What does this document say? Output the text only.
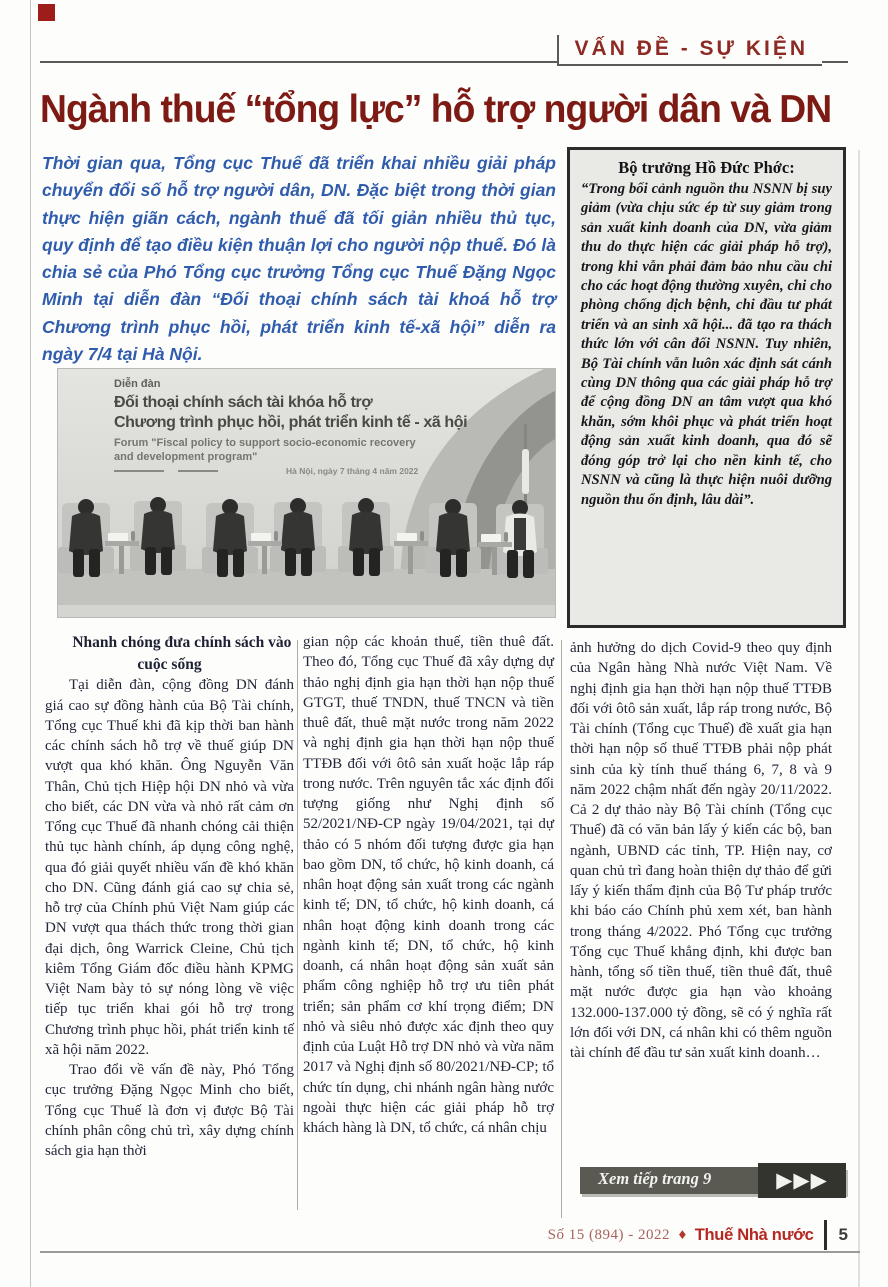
VẤN ĐỀ - SỰ KIỆN
Ngành thuế “tổng lực” hỗ trợ người dân và DN
Thời gian qua, Tổng cục Thuế đã triển khai nhiều giải pháp chuyển đổi số hỗ trợ người dân, DN. Đặc biệt trong thời gian thực hiện giãn cách, ngành thuế đã tối giản nhiều thủ tục, quy định để tạo điều kiện thuận lợi cho người nộp thuế. Đó là chia sẻ của Phó Tổng cục trưởng Tổng cục Thuế Đặng Ngọc Minh tại diễn đàn “Đối thoại chính sách tài khoá hỗ trợ Chương trình phục hồi, phát triển kinh tế-xã hội” diễn ra ngày 7/4 tại Hà Nội.
Bộ trưởng Hồ Đức Phớc:
“Trong bối cảnh nguồn thu NSNN bị suy giảm (vừa chịu sức ép từ suy giảm trong sản xuất kinh doanh của DN, vừa giảm thu do thực hiện các giải pháp hỗ trợ), trong khi vẫn phải đảm bảo nhu cầu chi cho các hoạt động thường xuyên, chi cho phòng chống dịch bệnh, chi đầu tư phát triển và an sinh xã hội... đã tạo ra thách thức lớn với cân đối NSNN. Tuy nhiên, Bộ Tài chính vẫn luôn xác định sát cánh cùng DN thông qua các giải pháp hỗ trợ để cộng đồng DN an tâm vượt qua khó khăn, sớm khôi phục và phát triển hoạt động sản xuất kinh doanh, qua đó sẽ đóng góp trở lại cho nền kinh tế, cho NSNN và cũng là thực hiện nuôi dưỡng nguồn thu ổn định, lâu dài”.
Diễn đàn
Đối thoại chính sách tài khóa hỗ trợ
Chương trình phục hồi, phát triển kinh tế - xã hội
Forum "Fiscal policy to support socio-economic recovery
and development program"
Hà Nội, ngày 7 tháng 4 năm 2022

Nhanh chóng đưa chính sách vào cuộc sống

Tại diễn đàn, cộng đồng DN đánh giá cao sự đồng hành của Bộ Tài chính, Tổng cục Thuế khi đã kịp thời ban hành các chính sách hỗ trợ về thuế giúp DN vượt qua khó khăn. Ông Nguyễn Văn Thân, Chủ tịch Hiệp hội DN nhỏ và vừa cho biết, các DN vừa và nhỏ rất cảm ơn Tổng cục Thuế đã nhanh chóng cải thiện thủ tục hành chính, áp dụng công nghệ, qua đó giải quyết nhiều vấn đề khó khăn cho DN. Cũng đánh giá cao sự chia sẻ, hỗ trợ của Chính phủ Việt Nam giúp các DN vượt qua thách thức trong thời gian đại dịch, ông Warrick Cleine, Chủ tịch kiêm Tổng Giám đốc điều hành KPMG Việt Nam bày tỏ sự nóng lòng về việc tiếp tục triển khai gói hỗ trợ trong Chương trình phục hồi, phát triển kinh tế xã hội năm 2022.

Trao đổi về vấn đề này, Phó Tổng cục trưởng Đặng Ngọc Minh cho biết, Tổng cục Thuế là đơn vị được Bộ Tài chính phân công chủ trì, xây dựng chính sách gia hạn thời

gian nộp các khoản thuế, tiền thuê đất. Theo đó, Tổng cục Thuế đã xây dựng dự thảo nghị định gia hạn thời hạn nộp thuế GTGT, thuế TNDN, thuế TNCN và tiền thuê đất, thuê mặt nước trong năm 2022 và nghị định gia hạn thời hạn nộp thuế TTĐB đối với ôtô sản xuất hoặc lắp ráp trong nước. Trên nguyên tắc xác định đối tượng giống như Nghị định số 52/2021/NĐ-CP ngày 19/04/2021, tại dự thảo có 5 nhóm đối tượng được gia hạn bao gồm DN, tổ chức, hộ kinh doanh, cá nhân hoạt động sản xuất trong các ngành kinh tế; DN, tổ chức, hộ kinh doanh, cá nhân hoạt động kinh doanh trong các ngành kinh tế; DN, tổ chức, hộ kinh doanh, cá nhân hoạt động sản xuất sản phẩm công nghiệp hỗ trợ ưu tiên phát triển; sản phẩm cơ khí trọng điểm; DN nhỏ và siêu nhỏ được xác định theo quy định của Luật Hỗ trợ DN nhỏ và vừa năm 2017 và Nghị định số 80/2021/NĐ-CP; tổ chức tín dụng, chi nhánh ngân hàng nước ngoài thực hiện các giải pháp hỗ trợ khách hàng là DN, tổ chức, cá nhân chịu

ảnh hưởng do dịch Covid-9 theo quy định của Ngân hàng Nhà nước Việt Nam. Về nghị định gia hạn thời hạn nộp thuế TTĐB đối với ôtô sản xuất, lắp ráp trong nước, Bộ Tài chính (Tổng cục Thuế) đề xuất gia hạn thời hạn nộp số thuế TTĐB phải nộp phát sinh của kỳ tính thuế tháng 6, 7, 8 và 9 năm 2022 chậm nhất đến ngày 20/11/2022. Cả 2 dự thảo này Bộ Tài chính (Tổng cục Thuế) đã có văn bản lấy ý kiến các bộ, ban ngành, UBND các tỉnh, TP. Hiện nay, cơ quan chủ trì đang hoàn thiện dự thảo để gửi lấy ý kiến thẩm định của Bộ Tư pháp trước khi báo cáo Chính phủ xem xét, ban hành trong tháng 4/2022. Phó Tổng cục trưởng Tổng cục Thuế khẳng định, khi được ban hành, tổng số tiền thuế, tiền thuê đất, thuê mặt nước được gia hạn vào khoảng 132.000-137.000 tỷ đồng, sẽ có ý nghĩa rất lớn đối với DN, cá nhân khi có thêm nguồn tài chính để đầu tư sản xuất kinh doanh…

Xem tiếp trang 9	▶▶▶
Số 15 (894) - 2022 ♦ Thuế Nhà nước 5
